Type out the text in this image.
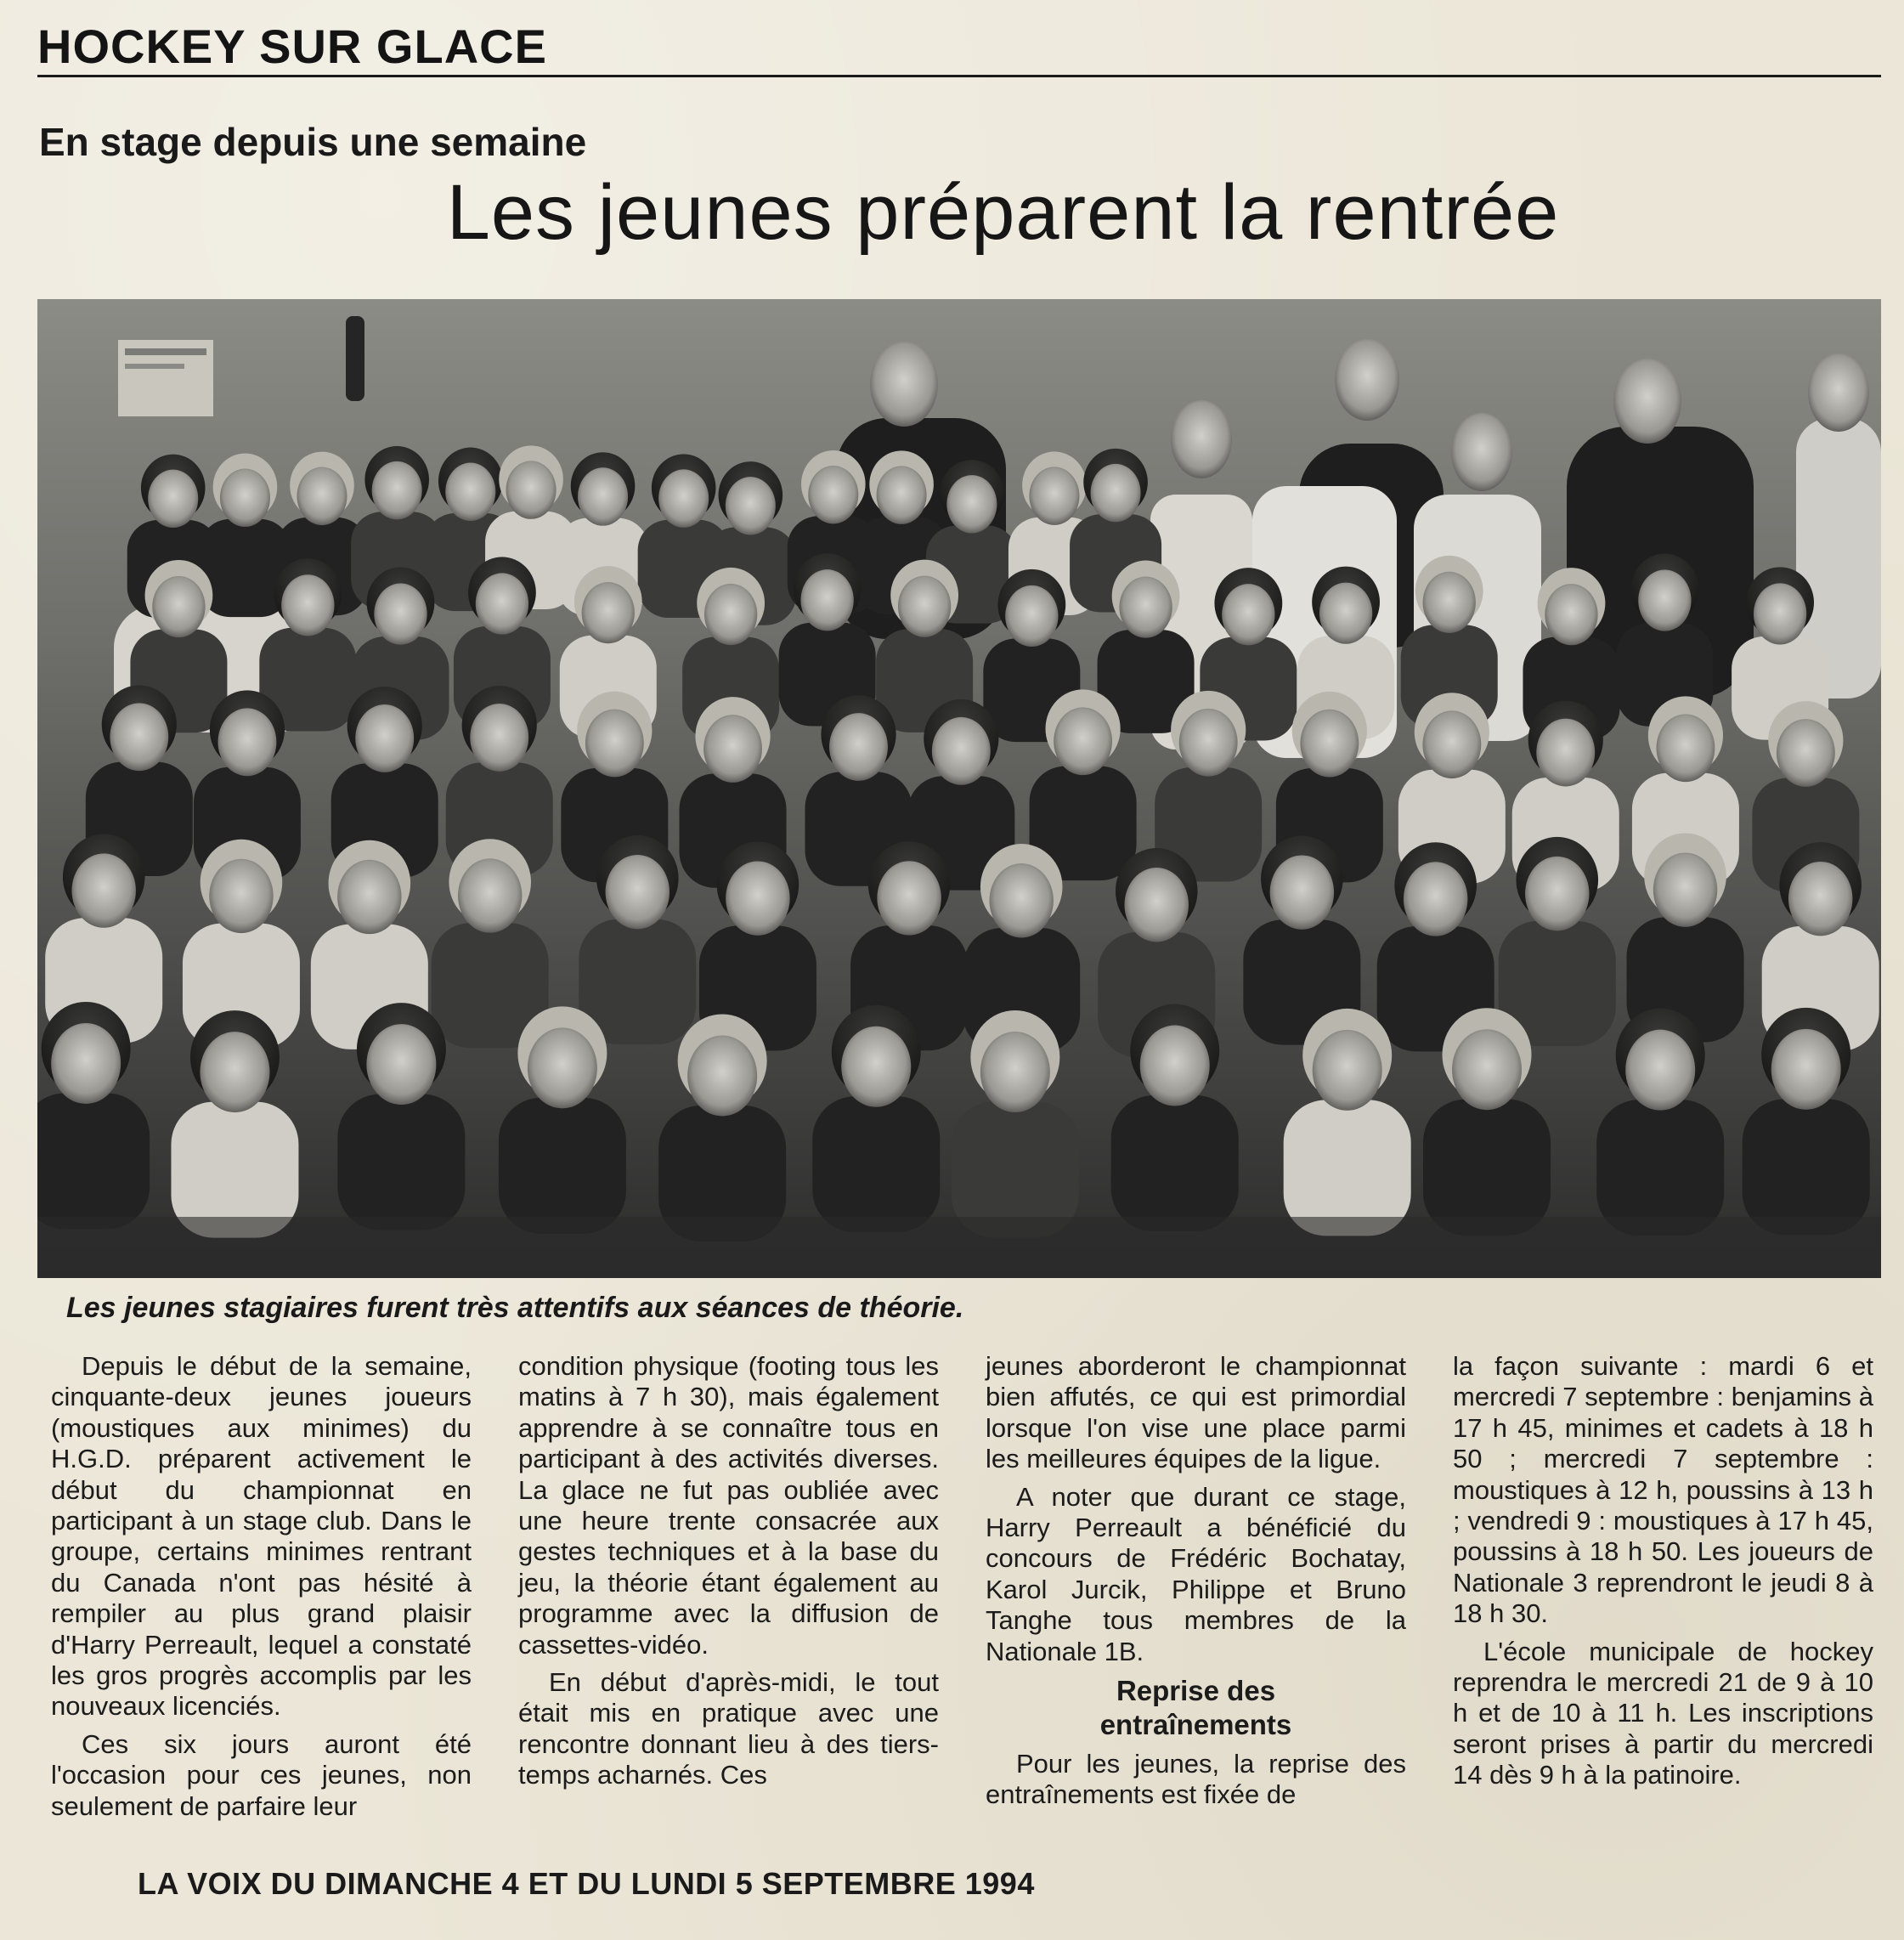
HOCKEY SUR GLACE
En stage depuis une semaine
Les jeunes préparent la rentrée
Les jeunes stagiaires furent très attentifs aux séances de théorie.

Depuis le début de la semaine, cinquante-deux jeunes joueurs (moustiques aux minimes) du H.G.D. préparent activement le début du championnat en participant à un stage club. Dans le groupe, certains minimes rentrant du Canada n'ont pas hésité à rempiler au plus grand plaisir d'Harry Perreault, lequel a constaté les gros progrès accomplis par les nouveaux licenciés.

Ces six jours auront été l'occasion pour ces jeunes, non seulement de parfaire leur

condition physique (footing tous les matins à 7 h 30), mais également apprendre à se connaître tous en participant à des activités diverses. La glace ne fut pas oubliée avec une heure trente consacrée aux gestes techniques et à la base du jeu, la théorie étant également au programme avec la diffusion de cassettes-vidéo.

En début d'après-midi, le tout était mis en pratique avec une rencontre donnant lieu à des tiers-temps acharnés. Ces

jeunes aborderont le championnat bien affutés, ce qui est primordial lorsque l'on vise une place parmi les meilleures équipes de la ligue.

A noter que durant ce stage, Harry Perreault a bénéficié du concours de Frédéric Bochatay, Karol Jurcik, Philippe et Bruno Tanghe tous membres de la Nationale 1B.

Reprise des
entraînements

Pour les jeunes, la reprise des entraînements est fixée de

la façon suivante : mardi 6 et mercredi 7 septembre : benjamins à 17 h 45, minimes et cadets à 18 h 50 ; mercredi 7 septembre : moustiques à 12 h, poussins à 13 h ; vendredi 9 : moustiques à 17 h 45, poussins à 18 h 50. Les joueurs de Nationale 3 reprendront le jeudi 8 à 18 h 30.

L'école municipale de hockey reprendra le mercredi 21 de 9 à 10 h et de 10 à 11 h. Les inscriptions seront prises à partir du mercredi 14 dès 9 h à la patinoire.

LA VOIX DU DIMANCHE 4 ET DU LUNDI 5 SEPTEMBRE 1994
